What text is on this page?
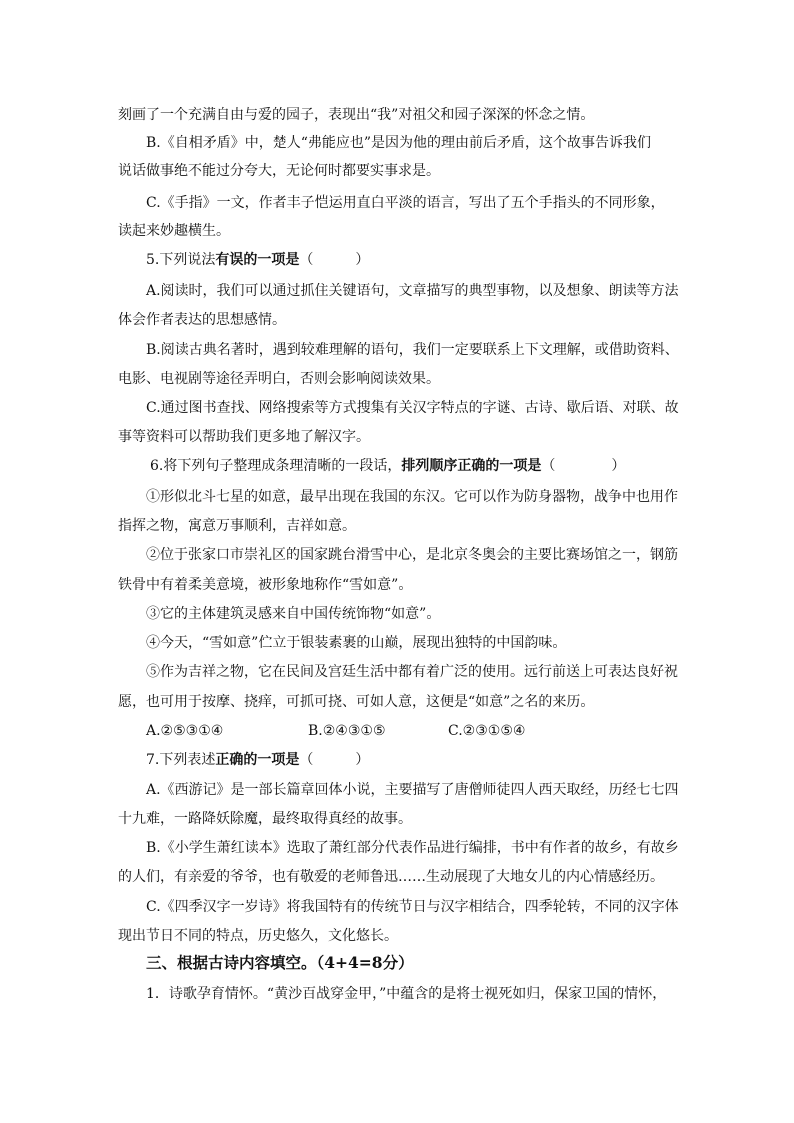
刻画了一个充满自由与爱的园子，表现出“我”对祖父和园子深深的怀念之情。
B.《自相矛盾》中，楚人“弗能应也”是因为他的理由前后矛盾，这个故事告诉我们
说话做事绝不能过分夸大，无论何时都要实事求是。
C.《手指》一文，作者丰子恺运用直白平淡的语言，写出了五个手指头的不同形象，
读起来妙趣横生。
5.下列说法有误的一项是（　　　）
A.阅读时，我们可以通过抓住关键语句，文章描写的典型事物，以及想象、朗读等方法
体会作者表达的思想感情。
B.阅读古典名著时，遇到较难理解的语句，我们一定要联系上下文理解，或借助资料、
电影、电视剧等途径弄明白，否则会影响阅读效果。
C.通过图书查找、网络搜索等方式搜集有关汉字特点的字谜、古诗、歇后语、对联、故
事等资料可以帮助我们更多地了解汉字。
6.将下列句子整理成条理清晰的一段话，排列顺序正确的一项是（　　　　）
①形似北斗七星的如意，最早出现在我国的东汉。它可以作为防身器物，战争中也用作
指挥之物，寓意万事顺利，吉祥如意。
②位于张家口市崇礼区的国家跳台滑雪中心，是北京冬奥会的主要比赛场馆之一，钢筋
铁骨中有着柔美意境，被形象地称作“雪如意”。
③它的主体建筑灵感来自中国传统饰物“如意”。
④今天，“雪如意”伫立于银装素裹的山巅，展现出独特的中国韵味。
⑤作为吉祥之物，它在民间及宫廷生活中都有着广泛的使用。远行前送上可表达良好祝
愿，也可用于按摩、挠痒，可抓可挠、可如人意，这便是“如意”之名的来历。
A.②⑤③①④	B.②④③①⑤	C.②③①⑤④
7.下列表述正确的一项是（　　　）
A.《西游记》是一部长篇章回体小说，主要描写了唐僧师徒四人西天取经，历经七七四
十九难，一路降妖除魔，最终取得真经的故事。
B.《小学生萧红读本》选取了萧红部分代表作品进行编排，书中有作者的故乡，有故乡
的人们，有亲爱的爷爷，也有敬爱的老师鲁迅……生动展现了大地女儿的内心情感经历。
C.《四季汉字一岁诗》将我国特有的传统节日与汉字相结合，四季轮转，不同的汉字体
现出节日不同的特点，历史悠久，文化悠长。
三、根据古诗内容填空。（4+4=8分）
1．诗歌孕育情怀。“黄沙百战穿金甲，”中蕴含的是将士视死如归，保家卫国的情怀，
